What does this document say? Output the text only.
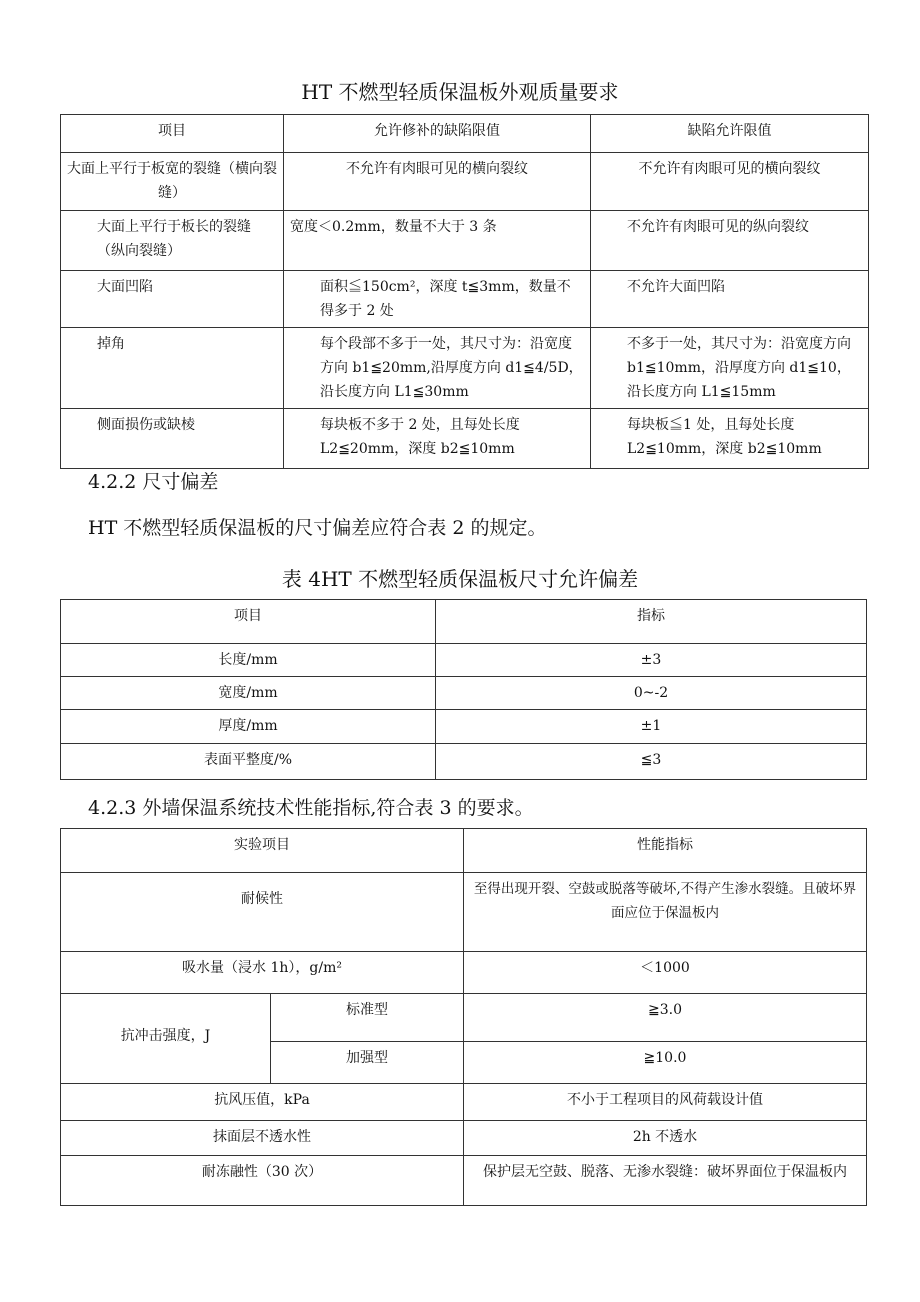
HT 不燃型轻质保温板外观质量要求
项目	允许修补的缺陷限值	缺陷允许限值
大面上平行于板宽的裂缝（横向裂缝）	不允许有肉眼可见的横向裂纹	不允许有肉眼可见的横向裂纹
大面上平行于板长的裂缝（纵向裂缝）	宽度＜0.2mm，数量不大于 3 条	不允许有肉眼可见的纵向裂纹
大面凹陷	面积≦150cm²，深度 t≦3mm，数量不得多于 2 处	不允许大面凹陷
掉角	每个段部不多于一处，其尺寸为：沿宽度方向 b1≦20mm,沿厚度方向 d1≦4/5D，沿长度方向 L1≦30mm	不多于一处，其尺寸为：沿宽度方向 b1≦10mm，沿厚度方向 d1≦10，沿长度方向 L1≦15mm
侧面损伤或缺棱	每块板不多于 2 处，且每处长度 L2≦20mm，深度 b2≦10mm	每块板≦1 处，且每处长度 L2≦10mm，深度 b2≦10mm
4.2.2 尺寸偏差
HT 不燃型轻质保温板的尺寸偏差应符合表 2 的规定。
表 4HT 不燃型轻质保温板尺寸允许偏差
项目	指标
长度/mm	±3
宽度/mm	0~-2
厚度/mm	±1
表面平整度/%	≦3
4.2.3 外墙保温系统技术性能指标,符合表 3 的要求。
实验项目		性能指标
耐候性		至得出现开裂、空鼓或脱落等破坏,不得产生渗水裂缝。且破坏界面应位于保温板内
吸水量（浸水 1h），g/m²		＜1000
抗冲击强度，J	标准型	≧3.0
	加强型	≧10.0
抗风压值，kPa		不小于工程项目的风荷载设计值
抹面层不透水性		2h 不透水
耐冻融性（30 次）		保护层无空鼓、脱落、无渗水裂缝：破坏界面位于保温板内
